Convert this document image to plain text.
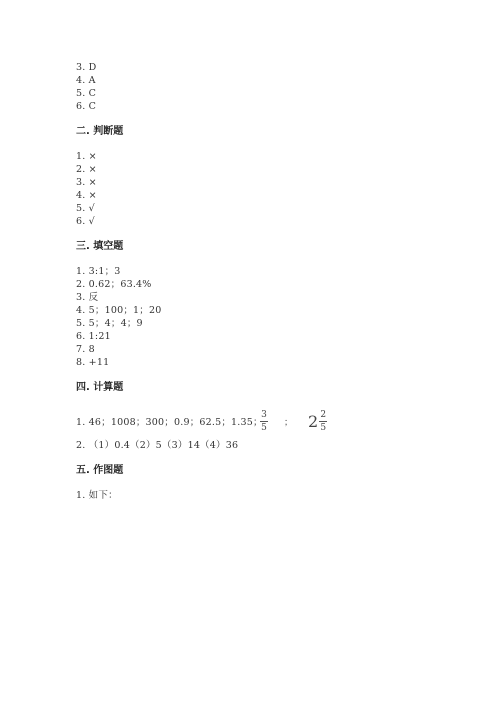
3. D
4. A
5. C
6. C
二. 判断题
1. ×
2. ×
3. ×
4. ×
5. √
6. √
三. 填空题
1. 3:1；3
2. 0.62；63.4%
3. 反
4. 5；100；1；20
5. 5；4；4；9
6. 1:21
7. 8
8. +11
四. 计算题
1. 46；1008；300；0.9；62.5；1.35；
3
5 ； $2 \frac{2}{5}$
2. （1）0.4（2）5（3）14（4）36
五. 作图题
1. 如下：
